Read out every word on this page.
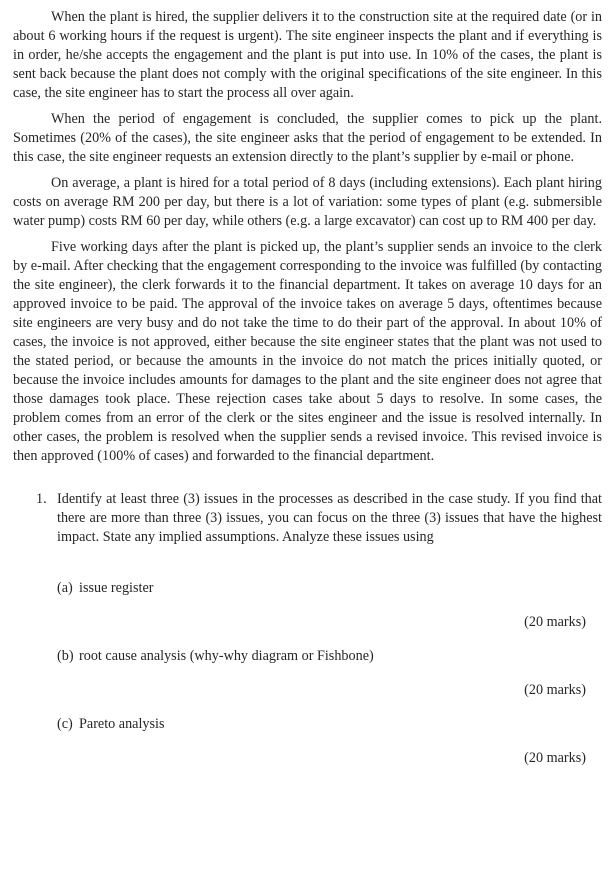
When the plant is hired, the supplier delivers it to the construction site at the required date (or in about 6 working hours if the request is urgent). The site engineer inspects the plant and if everything is in order, he/she accepts the engagement and the plant is put into use. In 10% of the cases, the plant is sent back because the plant does not comply with the original specifications of the site engineer. In this case, the site engineer has to start the process all over again.

When the period of engagement is concluded, the supplier comes to pick up the plant. Sometimes (20% of the cases), the site engineer asks that the period of engagement to be extended. In this case, the site engineer requests an extension directly to the plant’s supplier by e-mail or phone.

On average, a plant is hired for a total period of 8 days (including extensions). Each plant hiring costs on average RM 200 per day, but there is a lot of variation: some types of plant (e.g. submersible water pump) costs RM 60 per day, while others (e.g. a large excavator) can cost up to RM 400 per day.

Five working days after the plant is picked up, the plant’s supplier sends an invoice to the clerk by e-mail. After checking that the engagement corresponding to the invoice was fulfilled (by contacting the site engineer), the clerk forwards it to the financial department. It takes on average 10 days for an approved invoice to be paid. The approval of the invoice takes on average 5 days, oftentimes because site engineers are very busy and do not take the time to do their part of the approval. In about 10% of cases, the invoice is not approved, either because the site engineer states that the plant was not used to the stated period, or because the amounts in the invoice do not match the prices initially quoted, or because the invoice includes amounts for damages to the plant and the site engineer does not agree that those damages took place. These rejection cases take about 5 days to resolve. In some cases, the problem comes from an error of the clerk or the sites engineer and the issue is resolved internally. In other cases, the problem is resolved when the supplier sends a revised invoice. This revised invoice is then approved (100% of cases) and forwarded to the financial department.

1. Identify at least three (3) issues in the processes as described in the case study. If you find that there are more than three (3) issues, you can focus on the three (3) issues that have the highest impact. State any implied assumptions. Analyze these issues using
(a) issue register
(20 marks)
(b) root cause analysis (why-why diagram or Fishbone)
(20 marks)
(c) Pareto analysis
(20 marks)
